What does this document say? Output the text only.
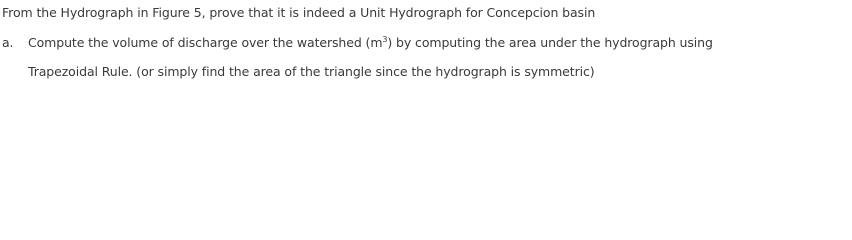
From the Hydrograph in Figure 5, prove that it is indeed a Unit Hydrograph for Concepcion basin
a. Compute the volume of discharge over the watershed $(m^3)$ by computing the area under the hydrograph using
Trapezoidal Rule. (or simply find the area of the triangle since the hydrograph is symmetric)
